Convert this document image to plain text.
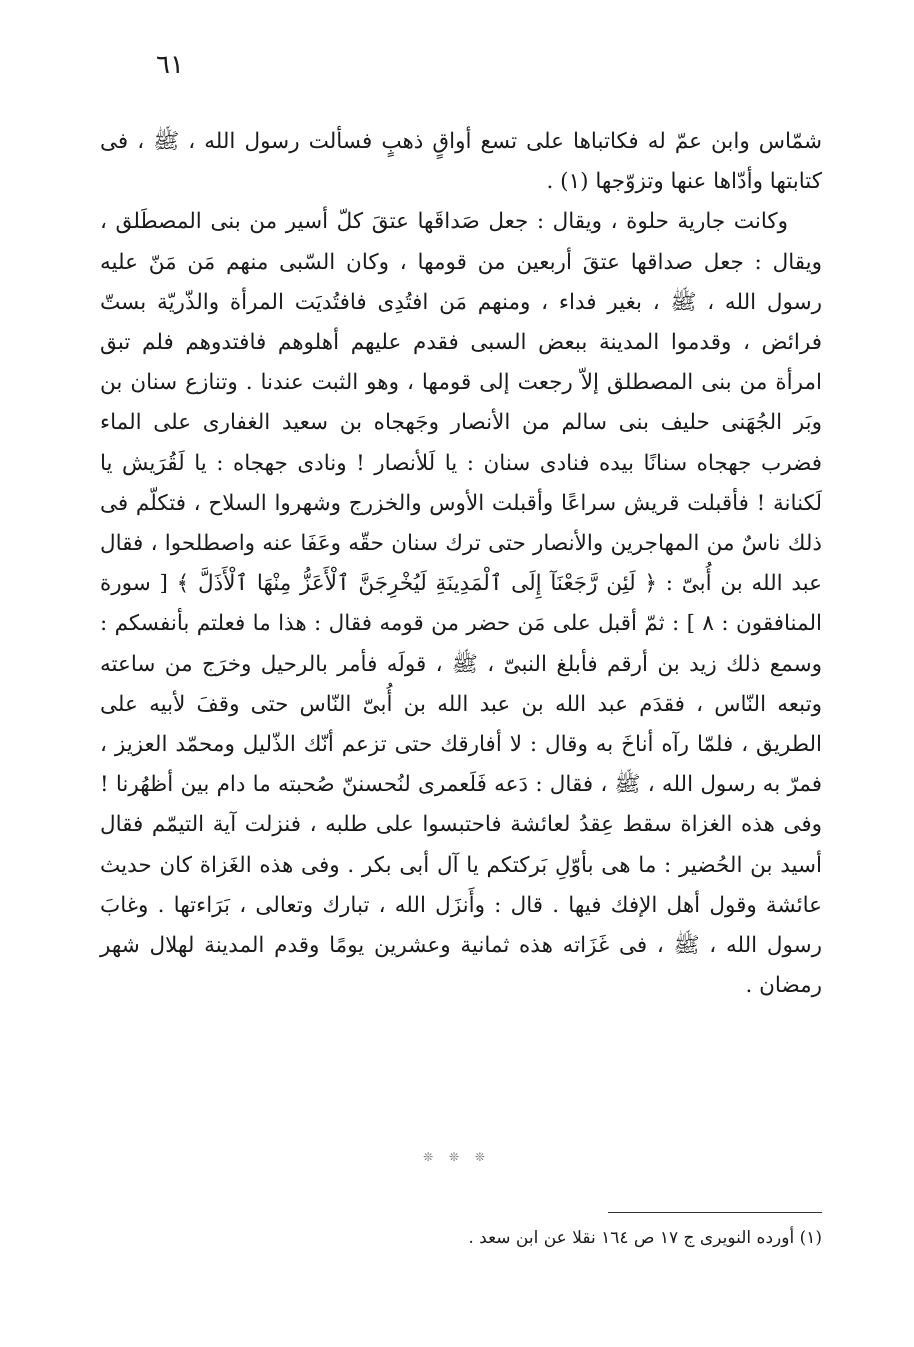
٦١

شمّاس وابن عمّ له فكاتباها على تسع أواقٍ ذهبٍ فسألت رسول الله ، ﷺ ، فى كتابتها وأدّاها عنها وتزوّجها (١) .

وكانت جارية حلوة ، ويقال : جعل صَداقَها عتقَ كلّ أسير من بنى المصطَلق ، ويقال : جعل صداقها عتقَ أربعين من قومها ، وكان السّبى منهم مَن مَنّ عليه رسول الله ، ﷺ ، بغير فداء ، ومنهم مَن افتُدِى فافتُديَت المرأة والذّريّة بستّ فرائض ، وقدموا المدينة ببعض السبى فقدم عليهم أهلوهم فافتدوهم فلم تبق امرأة من بنى المصطلق إلاّ رجعت إلى قومها ، وهو الثبت عندنا . وتنازع سنان بن وبَر الجُهَنى حليف بنى سالم من الأنصار وجَهجاه بن سعيد الغفارى على الماء فضرب جهجاه سنانًا بيده فنادى سنان : يا لَلأنصار ! ونادى جهجاه : يا لَقُرَيش يا لَكنانة ! فأقبلت قريش سراعًا وأقبلت الأوس والخزرج وشهروا السلاح ، فتكلّم فى ذلك ناسٌ من المهاجرين والأنصار حتى ترك سنان حقّه وعَفَا عنه واصطلحوا ، فقال عبد الله بن أُبىّ : ﴿ لَئِن رَّجَعْنَآ إِلَى ٱلْمَدِينَةِ لَيُخْرِجَنَّ ٱلْأَعَزُّ مِنْهَا ٱلْأَذَلَّ ﴾ [ سورة المنافقون : ٨ ] : ثمّ أقبل على مَن حضر من قومه فقال : هذا ما فعلتم بأنفسكم : وسمع ذلك زيد بن أرقم فأبلغ النبىّ ، ﷺ ، قولَه فأمر بالرحيل وخرَج من ساعته وتبعه النّاس ، فقدَم عبد الله بن عبد الله بن أُبىّ النّاس حتى وقفَ لأبيه على الطريق ، فلمّا رآه أناخَ به وقال : لا أفارقك حتى تزعم أنّك الذّليل ومحمّد العزيز ، فمرّ به رسول الله ، ﷺ ، فقال : دَعه فَلَعمرى لنُحسننّ صُحبته ما دام بين أظهُرنا ! وفى هذه الغزاة سقط عِقدُ لعائشة فاحتبسوا على طلبه ، فنزلت آية التيمّم فقال أسيد بن الحُضير : ما هى بأوّلِ بَركتكم يا آل أبى بكر . وفى هذه الغَزاة كان حديث عائشة وقول أهل الإفك فيها . قال : وأَنزَل الله ، تبارك وتعالى ، بَرَاءتها . وغابَ رسول الله ، ﷺ ، فى غَزَاته هذه ثمانية وعشرين يومًا وقدم المدينة لهلال شهر رمضان .

❊ ❊ ❊
(١) أورده النويرى ج ١٧ ص ١٦٤ نقلا عن ابن سعد .
